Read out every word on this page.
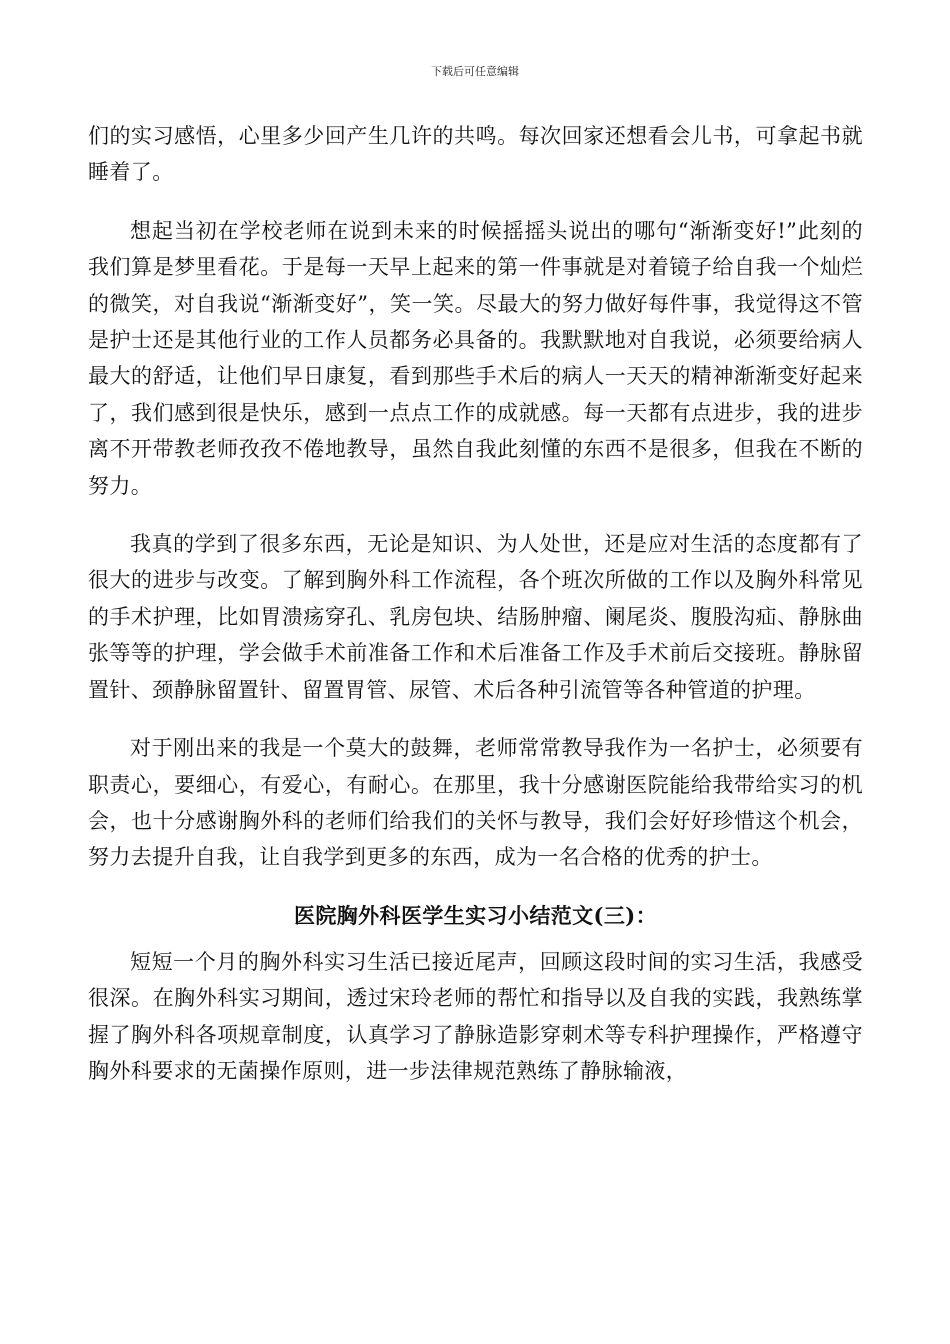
下载后可任意编辑

们的实习感悟，心里多少回产生几许的共鸣。每次回家还想看会儿书，可拿起书就睡着了。

想起当初在学校老师在说到未来的时候摇摇头说出的哪句“渐渐变好!”此刻的我们算是梦里看花。于是每一天早上起来的第一件事就是对着镜子给自我一个灿烂的微笑，对自我说“渐渐变好”，笑一笑。尽最大的努力做好每件事，我觉得这不管是护士还是其他行业的工作人员都务必具备的。我默默地对自我说，必须要给病人最大的舒适，让他们早日康复，看到那些手术后的病人一天天的精神渐渐变好起来了，我们感到很是快乐，感到一点点工作的成就感。每一天都有点进步，我的进步离不开带教老师孜孜不倦地教导，虽然自我此刻懂的东西不是很多，但我在不断的努力。

我真的学到了很多东西，无论是知识、为人处世，还是应对生活的态度都有了很大的进步与改变。了解到胸外科工作流程，各个班次所做的工作以及胸外科常见的手术护理，比如胃溃疡穿孔、乳房包块、结肠肿瘤、阑尾炎、腹股沟疝、静脉曲张等等的护理，学会做手术前准备工作和术后准备工作及手术前后交接班。静脉留置针、颈静脉留置针、留置胃管、尿管、术后各种引流管等各种管道的护理。

对于刚出来的我是一个莫大的鼓舞，老师常常教导我作为一名护士，必须要有职责心，要细心，有爱心，有耐心。在那里，我十分感谢医院能给我带给实习的机会，也十分感谢胸外科的老师们给我们的关怀与教导，我们会好好珍惜这个机会，努力去提升自我，让自我学到更多的东西，成为一名合格的优秀的护士。

医院胸外科医学生实习小结范文(三)：

短短一个月的胸外科实习生活已接近尾声，回顾这段时间的实习生活，我感受很深。在胸外科实习期间，透过宋玲老师的帮忙和指导以及自我的实践，我熟练掌握了胸外科各项规章制度，认真学习了静脉造影穿刺术等专科护理操作，严格遵守胸外科要求的无菌操作原则，进一步法律规范熟练了静脉输液，
